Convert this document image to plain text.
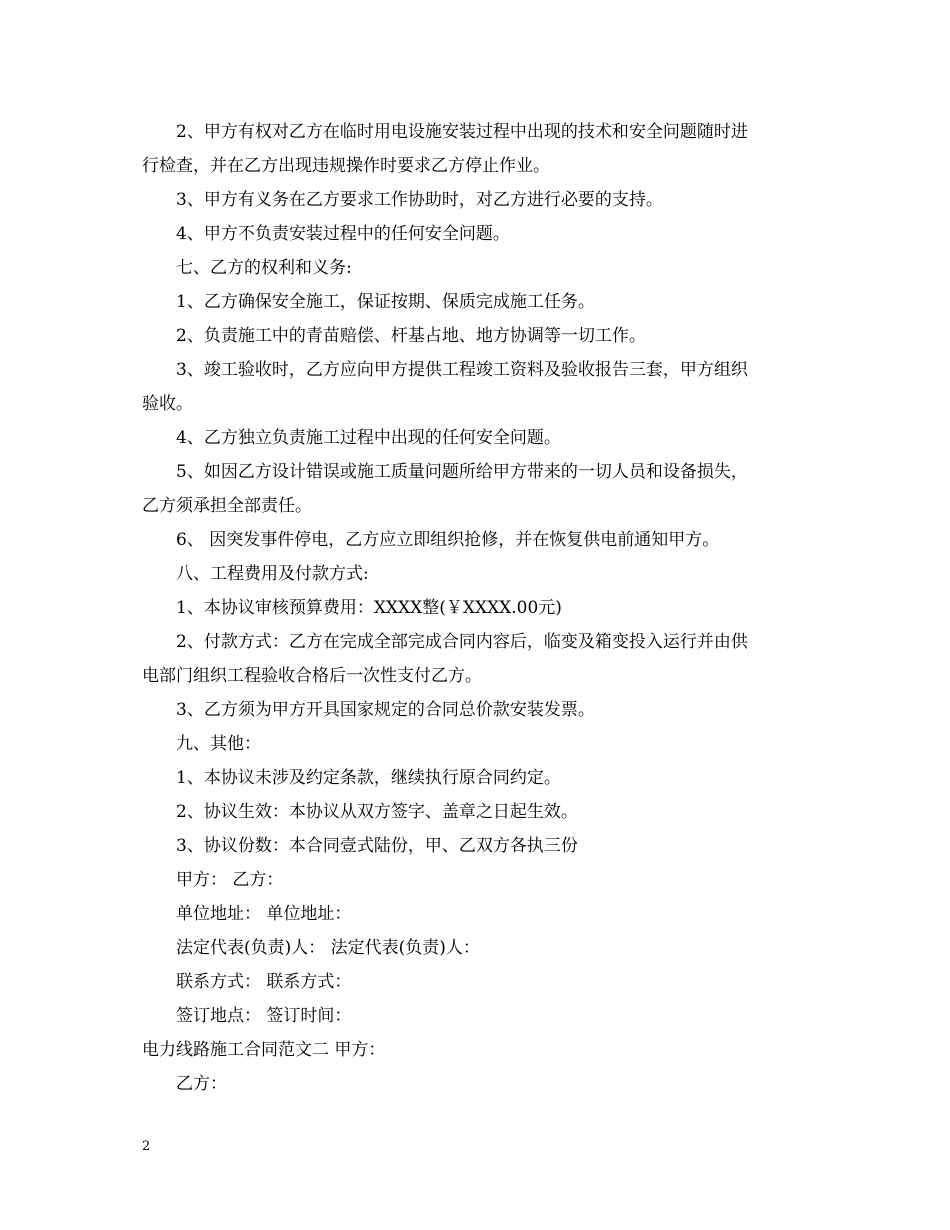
2、甲方有权对乙方在临时用电设施安装过程中出现的技术和安全问题随时进

行检查，并在乙方出现违规操作时要求乙方停止作业。

3、甲方有义务在乙方要求工作协助时，对乙方进行必要的支持。

4、甲方不负责安装过程中的任何安全问题。

七、乙方的权利和义务:

1、乙方确保安全施工，保证按期、保质完成施工任务。

2、负责施工中的青苗赔偿、杆基占地、地方协调等一切工作。

3、竣工验收时，乙方应向甲方提供工程竣工资料及验收报告三套，甲方组织

验收。

4、乙方独立负责施工过程中出现的任何安全问题。

5、如因乙方设计错误或施工质量问题所给甲方带来的一切人员和设备损失，

乙方须承担全部责任。

6、 因突发事件停电，乙方应立即组织抢修，并在恢复供电前通知甲方。

八、工程费用及付款方式:

1、本协议审核预算费用：XXXX整(￥XXXX.00元)

2、付款方式：乙方在完成全部完成合同内容后，临变及箱变投入运行并由供

电部门组织工程验收合格后一次性支付乙方。

3、乙方须为甲方开具国家规定的合同总价款安装发票。

九、其他：

1、本协议未涉及约定条款，继续执行原合同约定。

2、协议生效：本协议从双方签字、盖章之日起生效。

3、协议份数：本合同壹式陆份，甲、乙双方各执三份

甲方： 乙方：

单位地址： 单位地址：

法定代表(负责)人： 法定代表(负责)人：

联系方式： 联系方式：

签订地点： 签订时间：

电力线路施工合同范文二 甲方：

乙方：

2
